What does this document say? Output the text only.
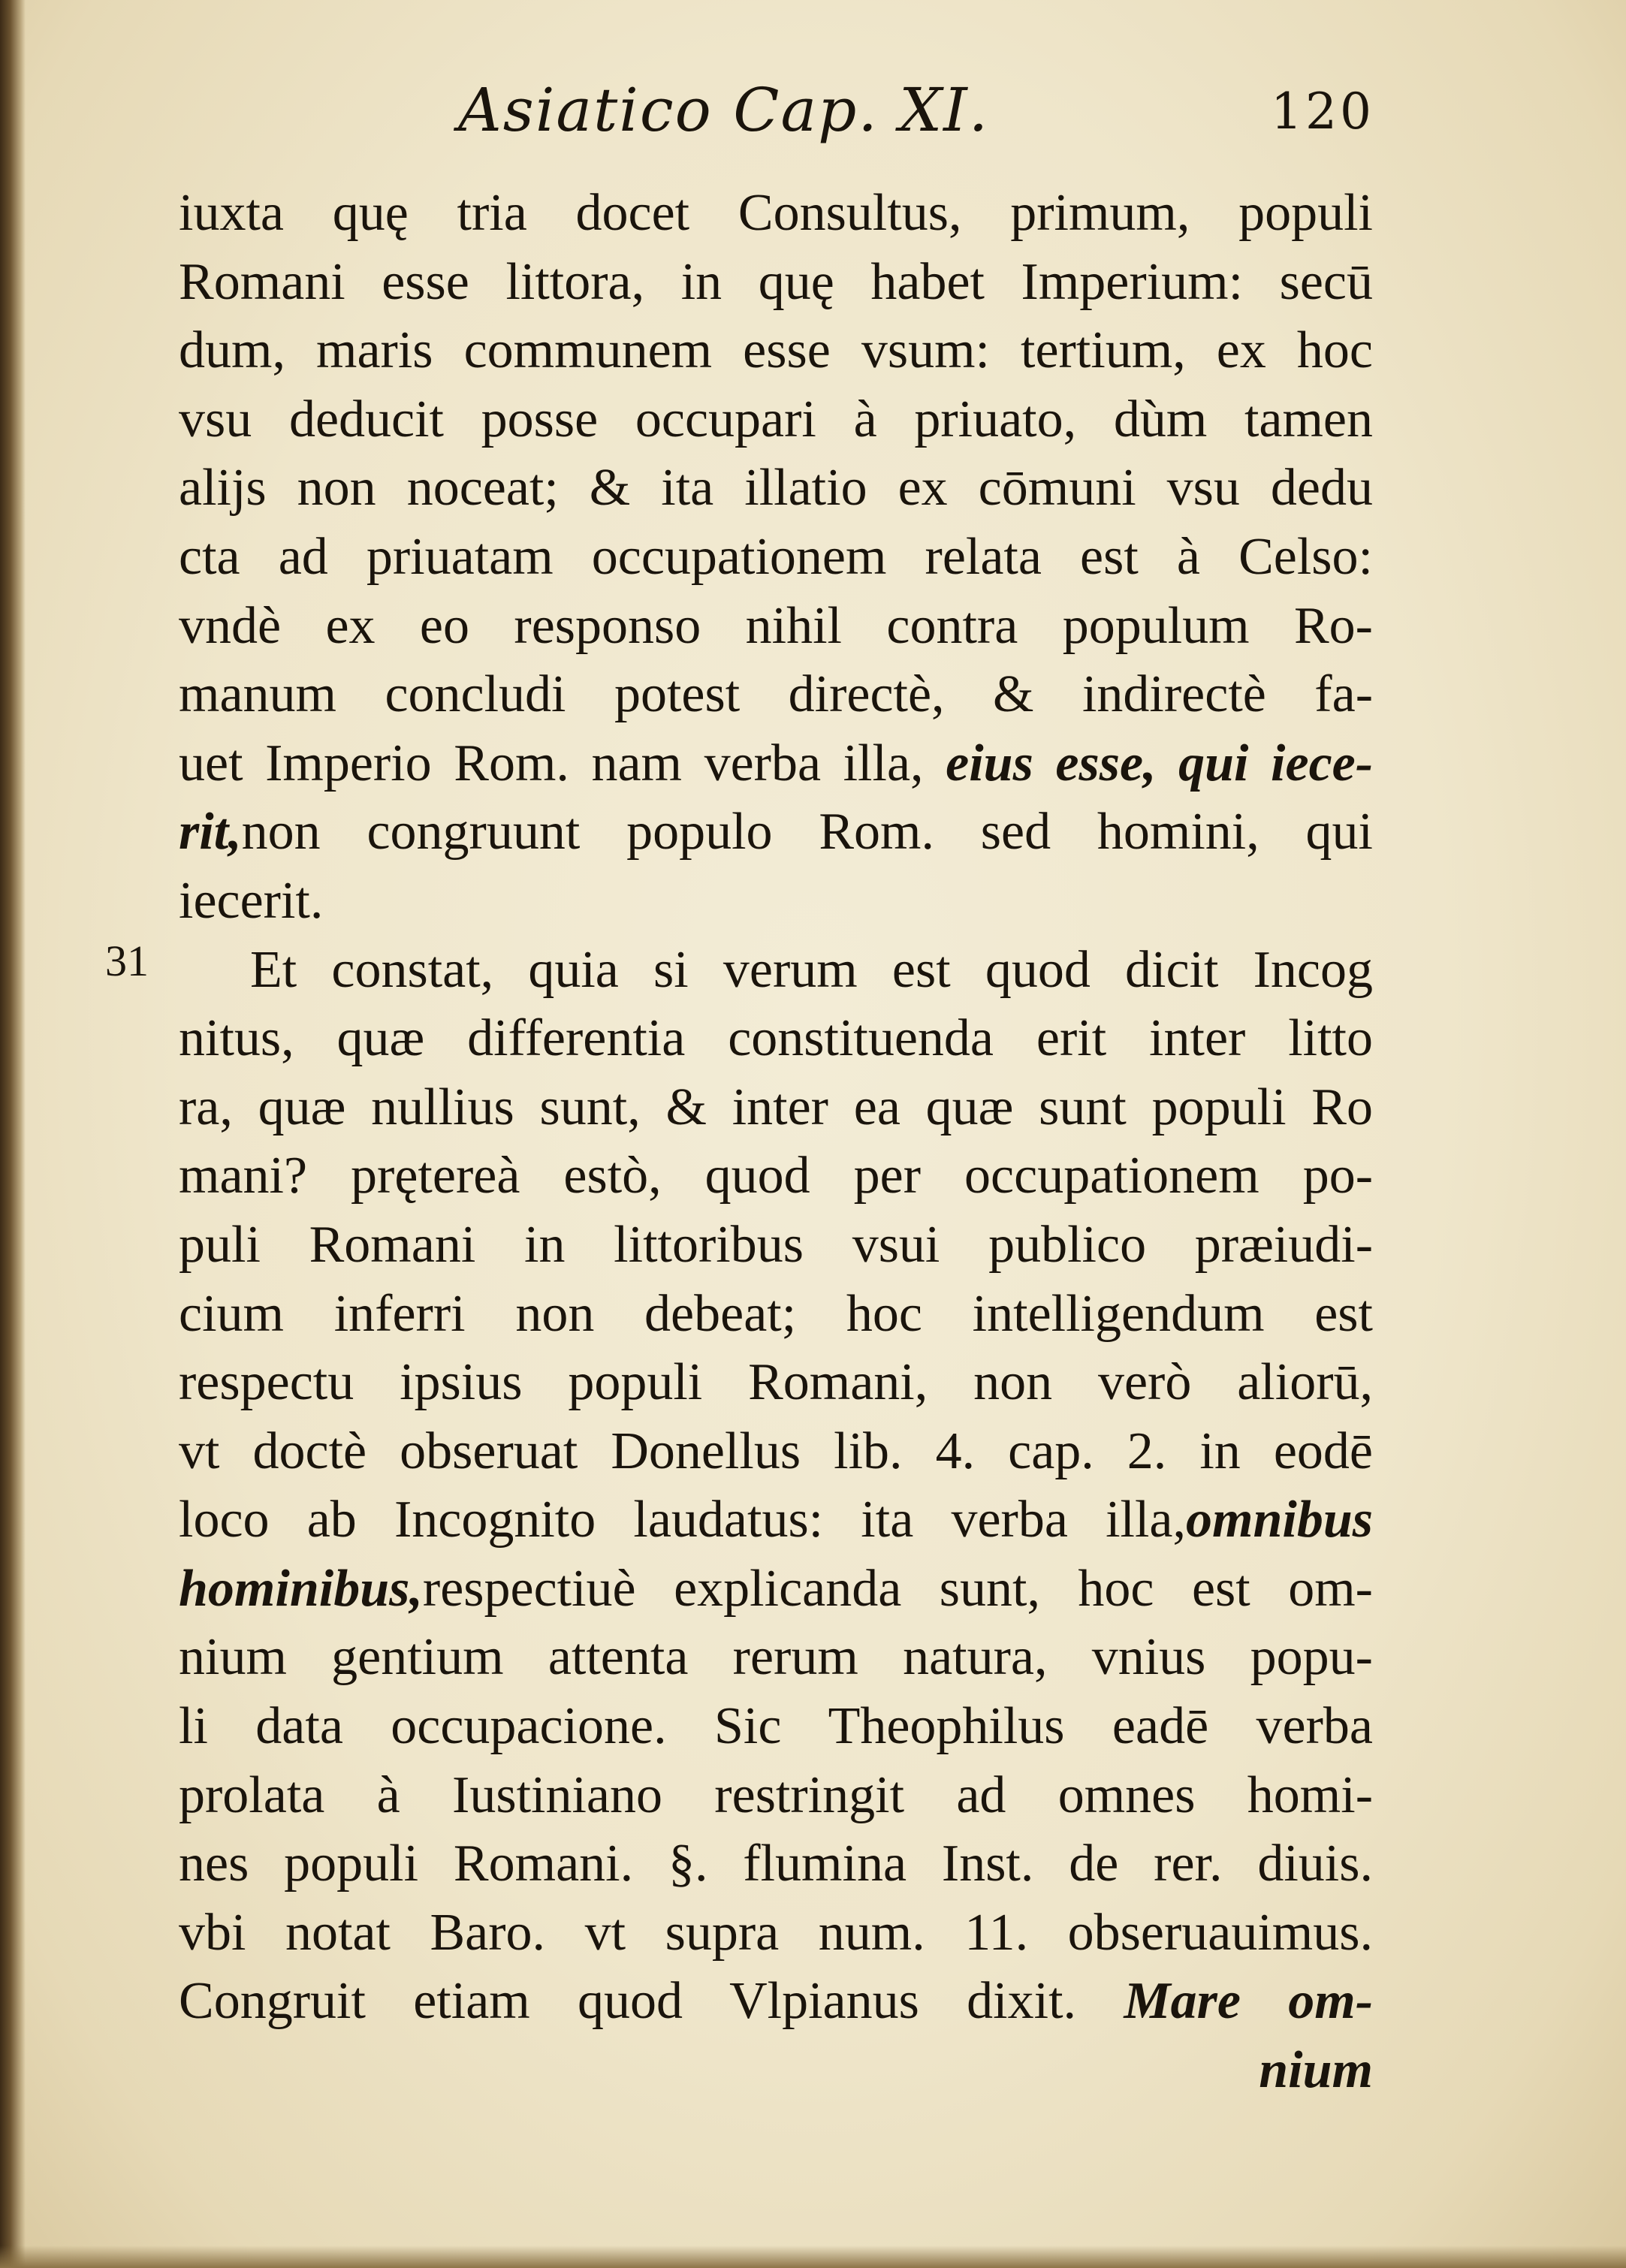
Asiatico Cap. XI.	120
31
iuxta quę tria docet Consultus, primum, populi
Romani esse littora, in quę habet Imperium: secū
dum, maris communem esse vsum: tertium, ex hoc
vsu deducit posse occupari à priuato, dùm tamen
alijs non noceat; & ita illatio ex cōmuni vsu dedu
cta ad priuatam occupationem relata est à Celso:
vndè ex eo responso nihil contra populum Ro-
manum concludi potest directè, & indirectè fa-
uet Imperio Rom. nam verba illa, eius esse, qui iece-
rit,non congruunt populo Rom. sed homini, qui
iecerit.
Et constat, quia si verum est quod dicit Incog
nitus, quæ differentia constituenda erit inter litto
ra, quæ nullius sunt, & inter ea quæ sunt populi Ro
mani? prętereà estò, quod per occupationem po-
puli Romani in littoribus vsui publico præiudi-
cium inferri non debeat; hoc intelligendum est
respectu ipsius populi Romani, non verò aliorū,
vt doctè obseruat Donellus lib. 4. cap. 2. in eodē
loco ab Incognito laudatus: ita verba illa,omnibus
hominibus,respectiuè explicanda sunt, hoc est om-
nium gentium attenta rerum natura, vnius popu-
li data occupacione. Sic Theophilus eadē verba
prolata à Iustiniano restringit ad omnes homi-
nes populi Romani. §. flumina Inst. de rer. diuis.
vbi notat Baro. vt supra num. 11. obseruauimus.
Congruit etiam quod Vlpianus dixit. Mare om-
nium
